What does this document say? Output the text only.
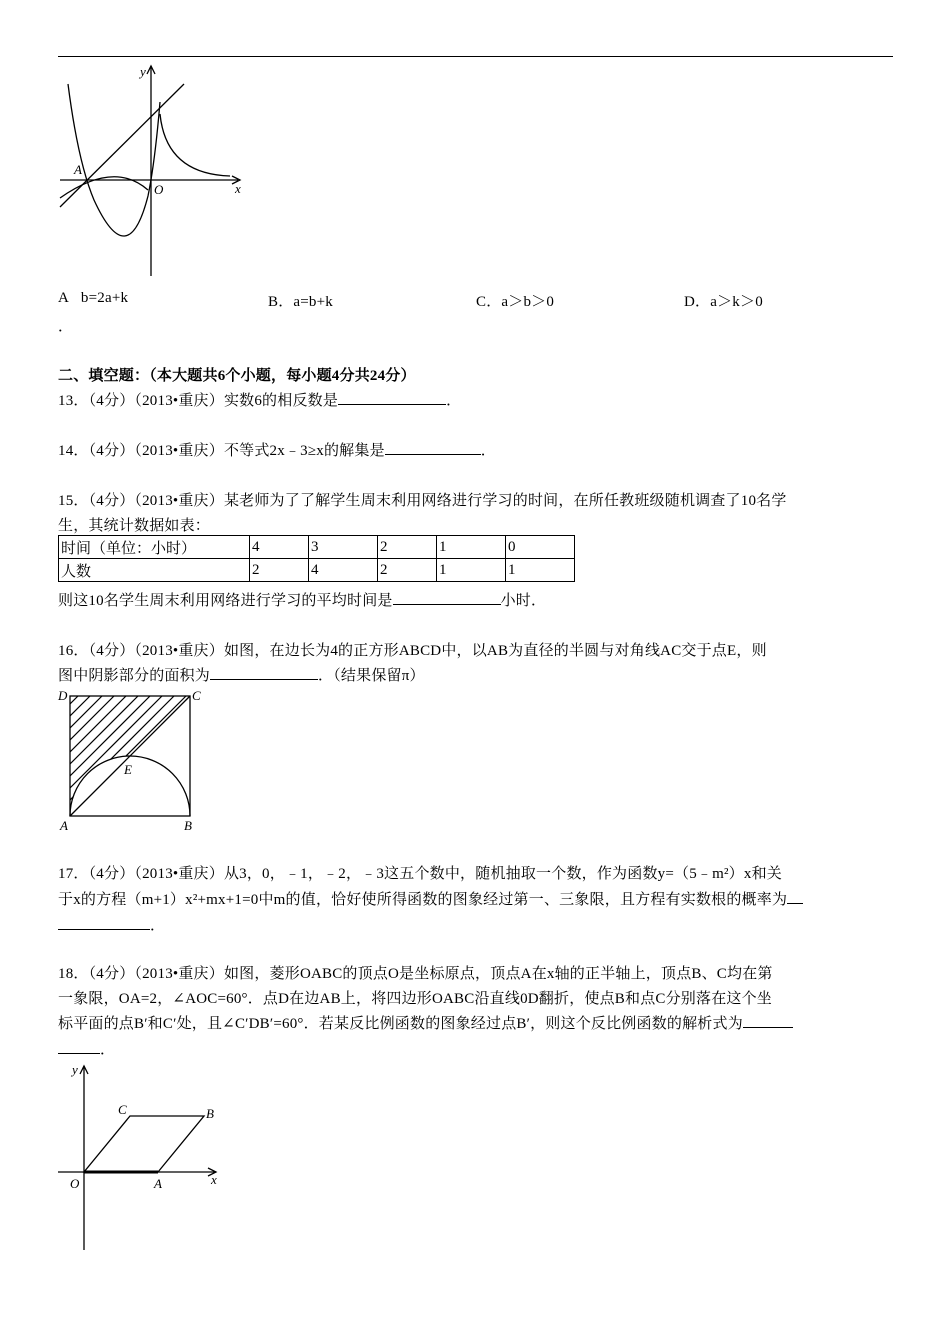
y
x
O
A
A b=2a+k	B．a=b+k	C．a＞b＞0	D．a＞k＞0
．
二、填空题：（本大题共6个小题，每小题4分共24分）
13．（4分）（2013•重庆）实数6的相反数是	．
14．（4分）（2013•重庆）不等式2x﹣3≥x的解集是	．
15．（4分）（2013•重庆）某老师为了了解学生周末利用网络进行学习的时间，在所任教班级随机调查了10名学
生，其统计数据如表：
时间（单位：小时）	4	3	2	1	0
人数	2	4	2	1	1
则这10名学生周末利用网络进行学习的平均时间是	小时．
16．（4分）（2013•重庆）如图，在边长为4的正方形ABCD中，以AB为直径的半圆与对角线AC交于点E，则
图中阴影部分的面积为	．（结果保留π）
D	C
A	B
E
17．（4分）（2013•重庆）从3，0，﹣1，﹣2，﹣3这五个数中，随机抽取一个数，作为函数y=（5﹣m²）x和关
于x的方程（m+1）x²+mx+1=0中m的值，恰好使所得函数的图象经过第一、三象限，且方程有实数根的概率为
．
18．（4分）（2013•重庆）如图，菱形OABC的顶点O是坐标原点，顶点A在x轴的正半轴上，顶点B、C均在第
一象限，OA=2，∠AOC=60°．点D在边AB上，将四边形OABC沿直线0D翻折，使点B和点C分别落在这个坐
标平面的点B′和C′处，且∠C′DB′=60°．若某反比例函数的图象经过点B′，则这个反比例函数的解析式为
．
y
x
O	A
B
C
